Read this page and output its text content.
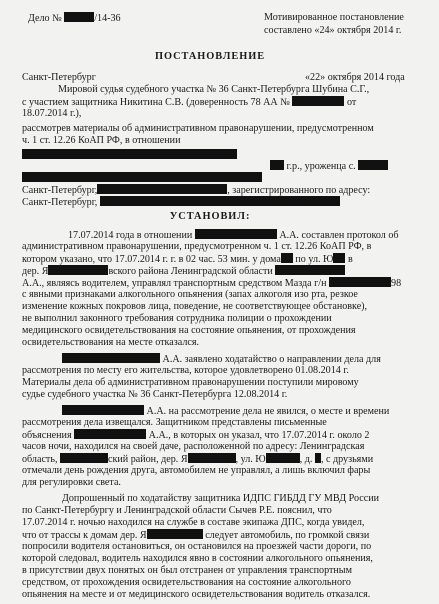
Дело №	/14-36	Мотивированное постановление
составлено «24» октября 2014 г.
ПОСТАНОВЛЕНИЕ
Санкт-Петербург	«22» октября 2014 года
Мировой судья судебного участка № 36 Санкт-Петербурга Шубина С.Г.,
с участием защитника Никитина С.В. (доверенность 78 АА №	от
18.07.2014 г.),
рассмотрев материалы об административном правонарушении, предусмотренном
ч. 1 ст. 12.26 КоАП РФ, в отношении
г.р., уроженца с.
Санкт-Петербург,	, зарегистрированного по адресу:
Санкт-Петербург,
УСТАНОВИЛ:
17.07.2014 года в отношении	А.А. составлен протокол об
административном правонарушении, предусмотренном ч. 1 ст. 12.26 КоАП РФ, в
котором указано, что 17.07.2014 г. г. в 02 час. 53 мин. у дома по ул. Ю в
дер. Я	вского района Ленинградской области
А.А., являясь водителем, управлял транспортным средством Мазда г/н	98
с явными признаками алкогольного опьянения (запах алкоголя изо рта, резкое
изменение кожных покровов лица, поведение, не соответствующее обстановке),
не выполнил законного требования сотрудника полиции о прохождении
медицинского освидетельствования на состояние опьянения, от прохождения
освидетельствования на месте отказался.
А.А. заявлено ходатайство о направлении дела для
рассмотрения по месту его жительства, которое удовлетворено 01.08.2014 г.
Материалы дела об административном правонарушении поступили мировому
судье судебного участка № 36 Санкт-Петербурга 12.08.2014 г.
А.А. на рассмотрение дела не явился, о месте и времени
рассмотрения дела извещался. Защитником представлены письменные
объяснения	А.А., в которых он указал, что 17.07.2014 г. около 2
часов ночи, находился на своей даче, расположенной по адресу: Ленинградская
область,	ский район, дер. Я	, ул. Ю	, д. , с друзьями
отмечали день рождения друга, автомобилем не управлял, а лишь включил фары
для регулировки света.
Допрошенный по ходатайству защитника ИДПС ГИБДД ГУ МВД России
по Санкт-Петербургу и Ленинградской области Сычев Р.Е. пояснил, что
17.07.2014 г. ночью находился на службе в составе экипажа ДПС, когда увидел,
что от трассы к домам дер. Я	следует автомобиль, по громкой связи
попросили водителя остановиться, он остановился на проезжей части дороги, по
которой следовал, водитель находился явно в состоянии алкогольного опьянения,
в присутствии двух понятых он был отстранен от управления транспортным
средством, от прохождения освидетельствования на состояние алкогольного
опьянения на месте и от медицинского освидетельствования водитель отказался.
